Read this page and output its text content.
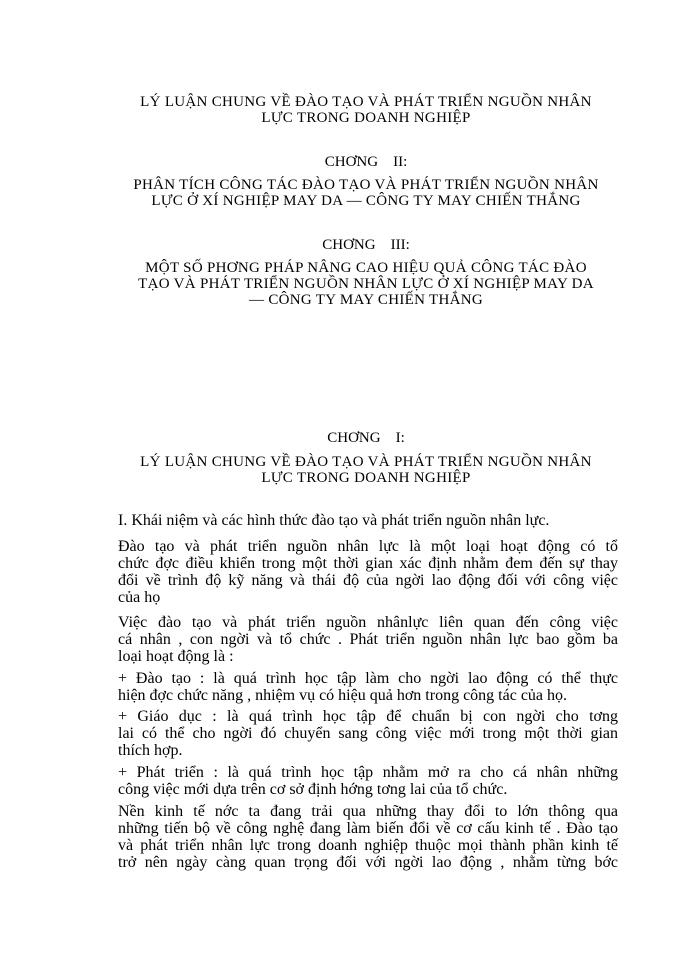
LÝ LUẬN CHUNG VỀ ĐÀO TẠO VÀ PHÁT TRIỂN NGUỒN NHÂN
LỰC TRONG DOANH NGHIỆP
CHƠNG    II:
PHÂN TÍCH CÔNG TÁC ĐÀO TẠO VÀ PHÁT TRIỂN NGUỒN NHÂN
LỰC Ở XÍ NGHIỆP MAY DA — CÔNG TY MAY CHIẾN THẮNG
CHƠNG    III:
MỘT SỐ PHƠNG PHÁP NÂNG CAO HIỆU QUẢ CÔNG TÁC ĐÀO
TẠO VÀ PHÁT TRIỂN NGUỒN NHÂN LỰC Ở XÍ NGHIỆP MAY DA
— CÔNG TY MAY CHIẾN THẮNG
CHƠNG    I:
LÝ LUẬN CHUNG VỀ ĐÀO TẠO VÀ PHÁT TRIỂN NGUỒN NHÂN
LỰC TRONG DOANH NGHIỆP
I. Khái niệm và các hình thức đào tạo và phát triển nguồn nhân lực.
Đào tạo và phát triển nguồn nhân lực là một loại hoạt động có tổ
chức đợc điều khiển trong một thời gian xác định nhằm đem đến sự thay
đổi về trình độ kỹ năng và thái độ của ngời lao động đối với công việc
của họ
Việc đào tạo và phát triển nguồn nhânlực liên quan đến công việc
cá nhân , con ngời và tổ chức . Phát triển nguồn nhân lực bao gồm ba
loại hoạt động là :
+ Đào tạo : là quá trình học tập làm cho ngời lao động có thể thực
hiện đợc chức năng , nhiệm vụ có hiệu quả hơn trong công tác của họ.
+ Giáo dục : là quá trình học tập để chuẩn bị con ngời cho tơng
lai có thể cho ngời đó chuyển sang công việc mới trong một thời gian
thích hợp.
+ Phát triển : là quá trình học tập nhằm mở ra cho cá nhân những
công việc mới dựa trên cơ sở định hớng tơng lai của tổ chức.
Nền kinh tế nớc ta đang trải qua những thay đổi to lớn thông qua
những tiến bộ về công nghệ đang làm biến đổi về cơ cấu kinh tế . Đào tạo
và phát triển nhân lực trong doanh nghiệp thuộc mọi thành phần kinh tế
trở nên ngày càng quan trọng đối với ngời lao động , nhằm từng bớc
